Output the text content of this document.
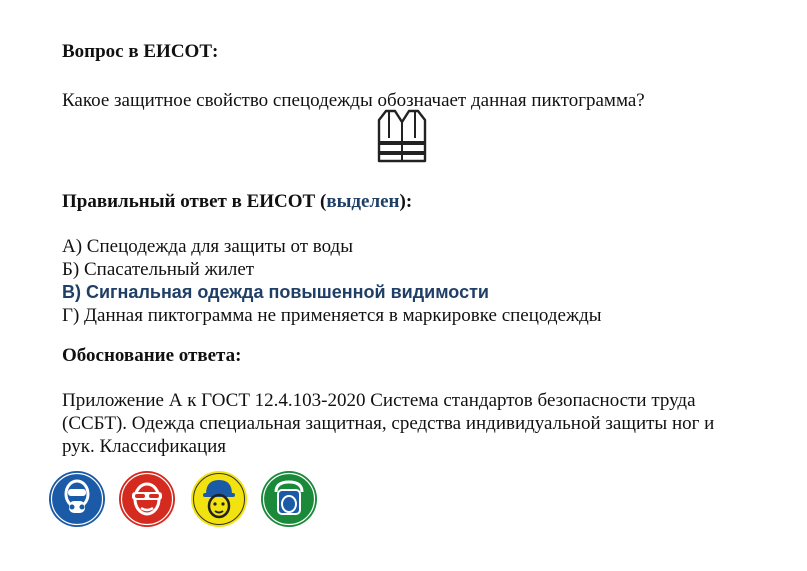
Вопрос в ЕИСОТ:
Какое защитное свойство спецодежды обозначает данная пиктограмма?
Правильный ответ в ЕИСОТ (выделен):
А) Спецодежда для защиты от воды
Б) Спасательный жилет
В) Сигнальная одежда повышенной видимости
Г) Данная пиктограмма не применяется в маркировке спецодежды
Обоснование ответа:
Приложение А к ГОСТ 12.4.103-2020 Система стандартов безопасности труда (ССБТ). Одежда специальная защитная, средства индивидуальной защиты ног и рук. Классификация
